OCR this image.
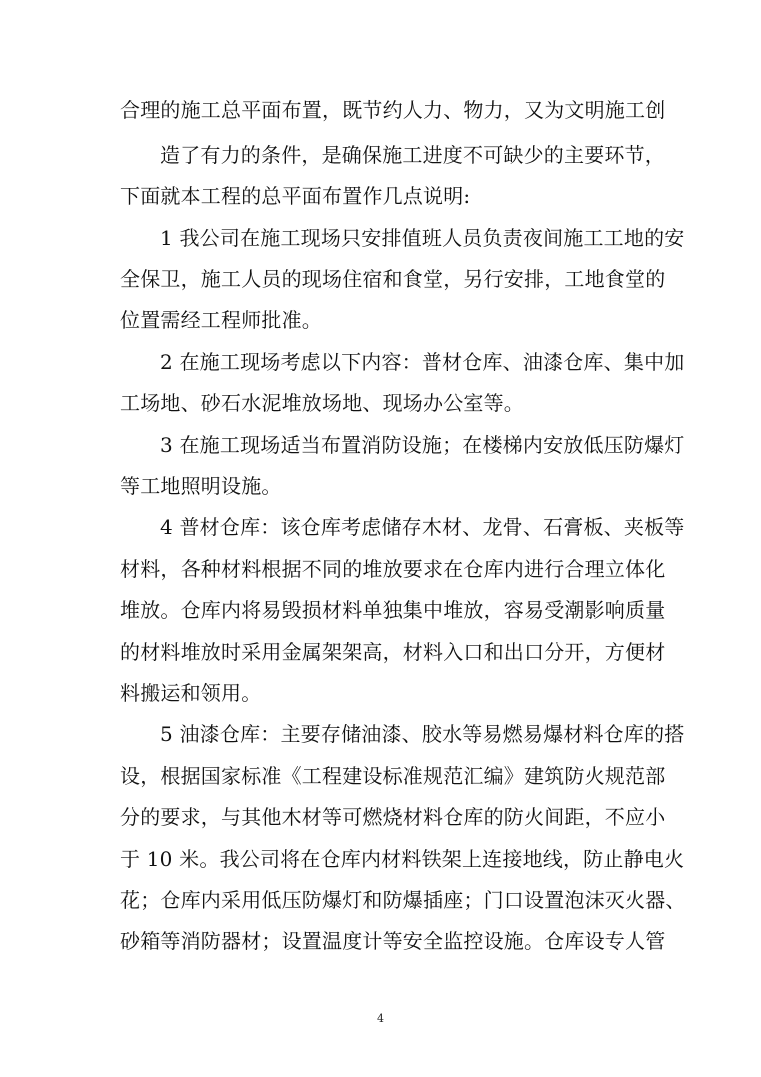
合理的施工总平面布置，既节约人力、物力，又为文明施工创
造了有力的条件，是确保施工进度不可缺少的主要环节，
下面就本工程的总平面布置作几点说明:
1 我公司在施工现场只安排值班人员负责夜间施工工地的安
全保卫，施工人员的现场住宿和食堂，另行安排，工地食堂的
位置需经工程师批准。
2 在施工现场考虑以下内容：普材仓库、油漆仓库、集中加
工场地、砂石水泥堆放场地、现场办公室等。
3 在施工现场适当布置消防设施；在楼梯内安放低压防爆灯
等工地照明设施。
4 普材仓库：该仓库考虑储存木材、龙骨、石膏板、夹板等
材料，各种材料根据不同的堆放要求在仓库内进行合理立体化
堆放。仓库内将易毁损材料单独集中堆放，容易受潮影响质量
的材料堆放时采用金属架架高，材料入口和出口分开，方便材
料搬运和领用。
5 油漆仓库：主要存储油漆、胶水等易燃易爆材料仓库的搭
设，根据国家标准《工程建设标准规范汇编》建筑防火规范部
分的要求，与其他木材等可燃烧材料仓库的防火间距，不应小
于 10 米。我公司将在仓库内材料铁架上连接地线，防止静电火
花；仓库内采用低压防爆灯和防爆插座；门口设置泡沫灭火器、
砂箱等消防器材；设置温度计等安全监控设施。仓库设专人管
4
